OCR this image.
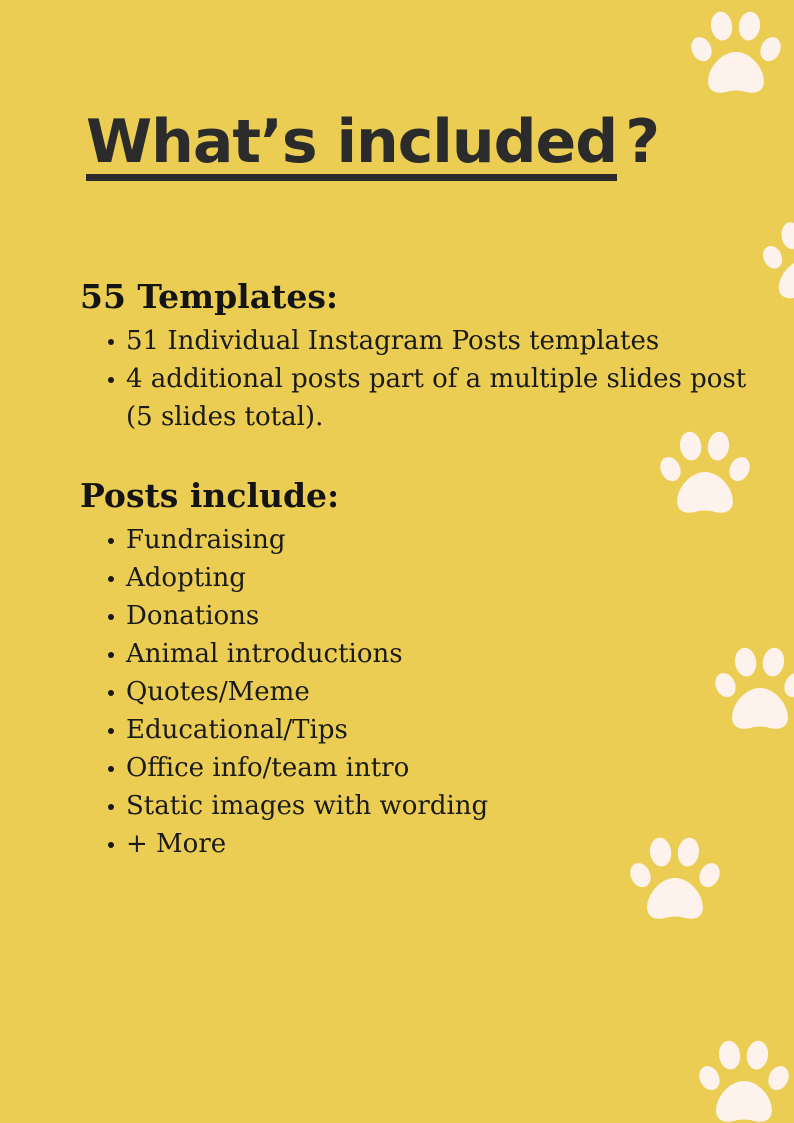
What’s included ?
55 Templates:
51 Individual Instagram Posts templates
4 additional posts part of a multiple slides post (5 slides total).
Posts include:
Fundraising
Adopting
Donations
Animal introductions
Quotes/Meme
Educational/Tips
Office info/team intro
Static images with wording
+ More
